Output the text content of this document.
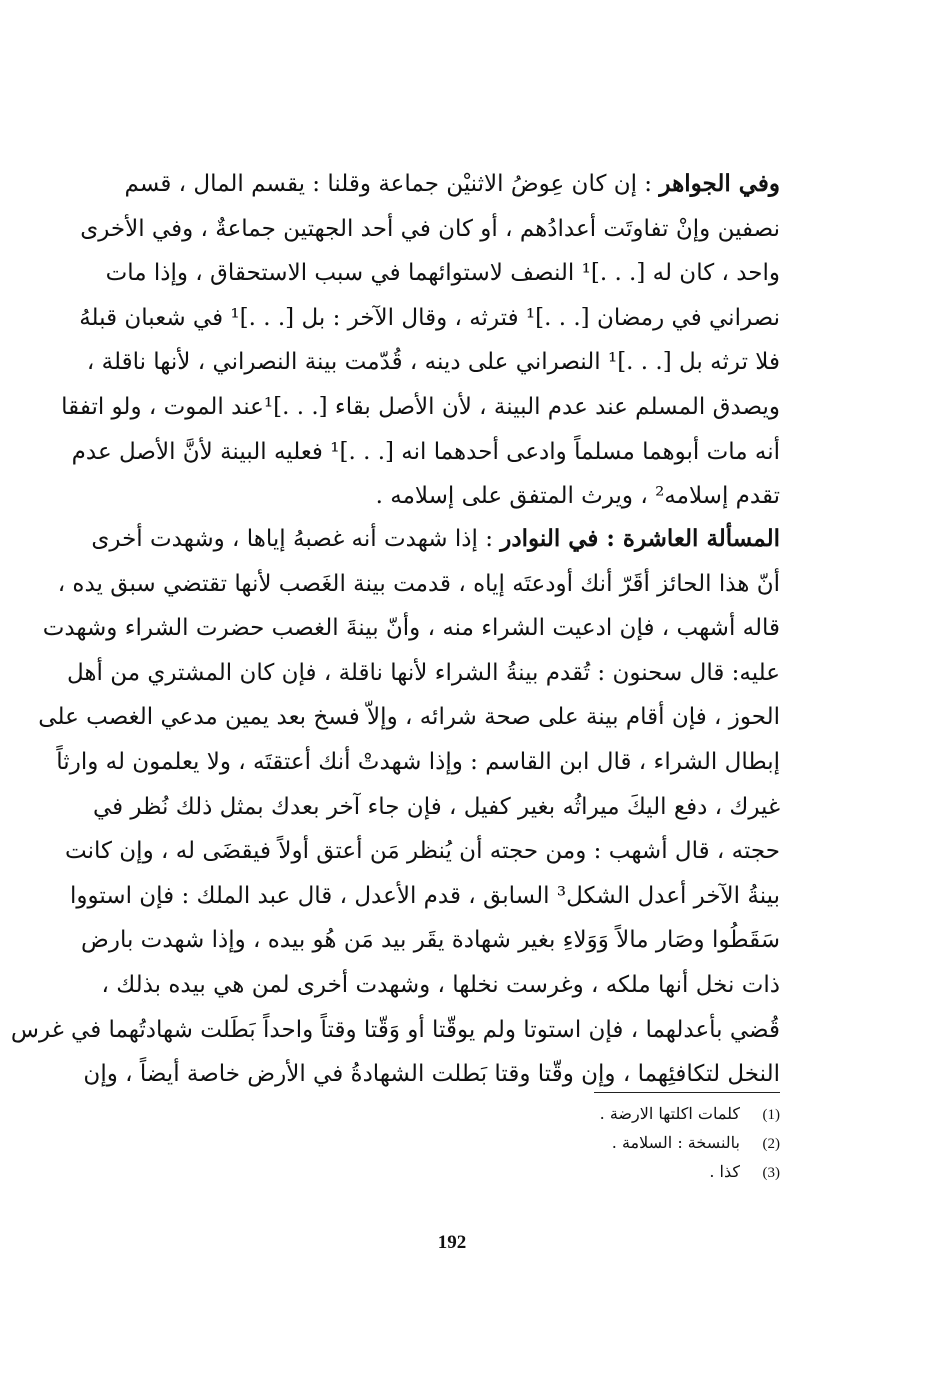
وفي الجواهر : إن كان عِوضُ الاثنيْن جماعة وقلنا : يقسم المال ، قسم
نصفين وإنْ تفاوتَت أعدادُهم ، أو كان في أحد الجهتين جماعةٌ ، وفي الأخرى
واحد ، كان له [. . .]¹ النصف لاستوائهما في سبب الاستحقاق ، وإذا مات
نصراني في رمضان [. . .]¹ فترثه ، وقال الآخر : بل [. . .]¹ في شعبان قبلهُ
فلا ترثه بل [. . .]¹ النصراني على دينه ، قُدّمت بينة النصراني ، لأنها ناقلة ،
ويصدق المسلم عند عدم البينة ، لأن الأصل بقاء [. . .]¹عند الموت ، ولو اتفقا
أنه مات أبوهما مسلماً وادعى أحدهما انه [. . .]¹ فعليه البينة لأنَّ الأصل عدم
تقدم إسلامه² ، ويرث المتفق على إسلامه .
المسألة العاشرة : في النوادر : إذا شهدت أنه غصبهُ إياها ، وشهدت أخرى
أنّ هذا الحائز أقَرّ أنك أودعتَه إياه ، قدمت بينة الغَصب لأنها تقتضي سبق يده ،
قاله أشهب ، فإن ادعيت الشراء منه ، وأنّ بينةَ الغصب حضرت الشراء وشهدت
عليه: قال سحنون : تُقدم بينةُ الشراء لأنها ناقلة ، فإن كان المشتري من أهل
الحوز ، فإن أقام بينة على صحة شرائه ، وإلاّ فسخ بعد يمين مدعي الغصب على
إبطال الشراء ، قال ابن القاسم : وإذا شهدتْ أنك أعتقتَه ، ولا يعلمون له وارثاً
غيرك ، دفع اليكَ ميراثُه بغير كفيل ، فإن جاء آخر بعدك بمثل ذلك نُظر في
حجته ، قال أشهب : ومن حجته أن يُنظر مَن أعتق أولاً فيقضَى له ، وإن كانت
بينةُ الآخر أعدل الشكل³ السابق ، قدم الأعدل ، قال عبد الملك : فإن استووا
سَقَطُوا وصَار مالاً وَوَلاءِ بغير شهادة يقَر بيد مَن هُو بيده ، وإذا شهدت بارض
ذات نخل أنها ملكه ، وغرست نخلها ، وشهدت أخرى لمن هي بيده بذلك ،
قُضي بأعدلهما ، فإن استوتا ولم يوقّتا أو وَقّتا وقتاً واحداً بَطَلت شهادتُهما في غرس
النخل لتكافئِهما ، وإن وقّتا وقتا بَطلت الشهادةُ في الأرض خاصة أيضاً ، وإن
(1)كلمات اكلتها الارضة .
(2)بالنسخة : السلامة .
(3)كذا .
192
